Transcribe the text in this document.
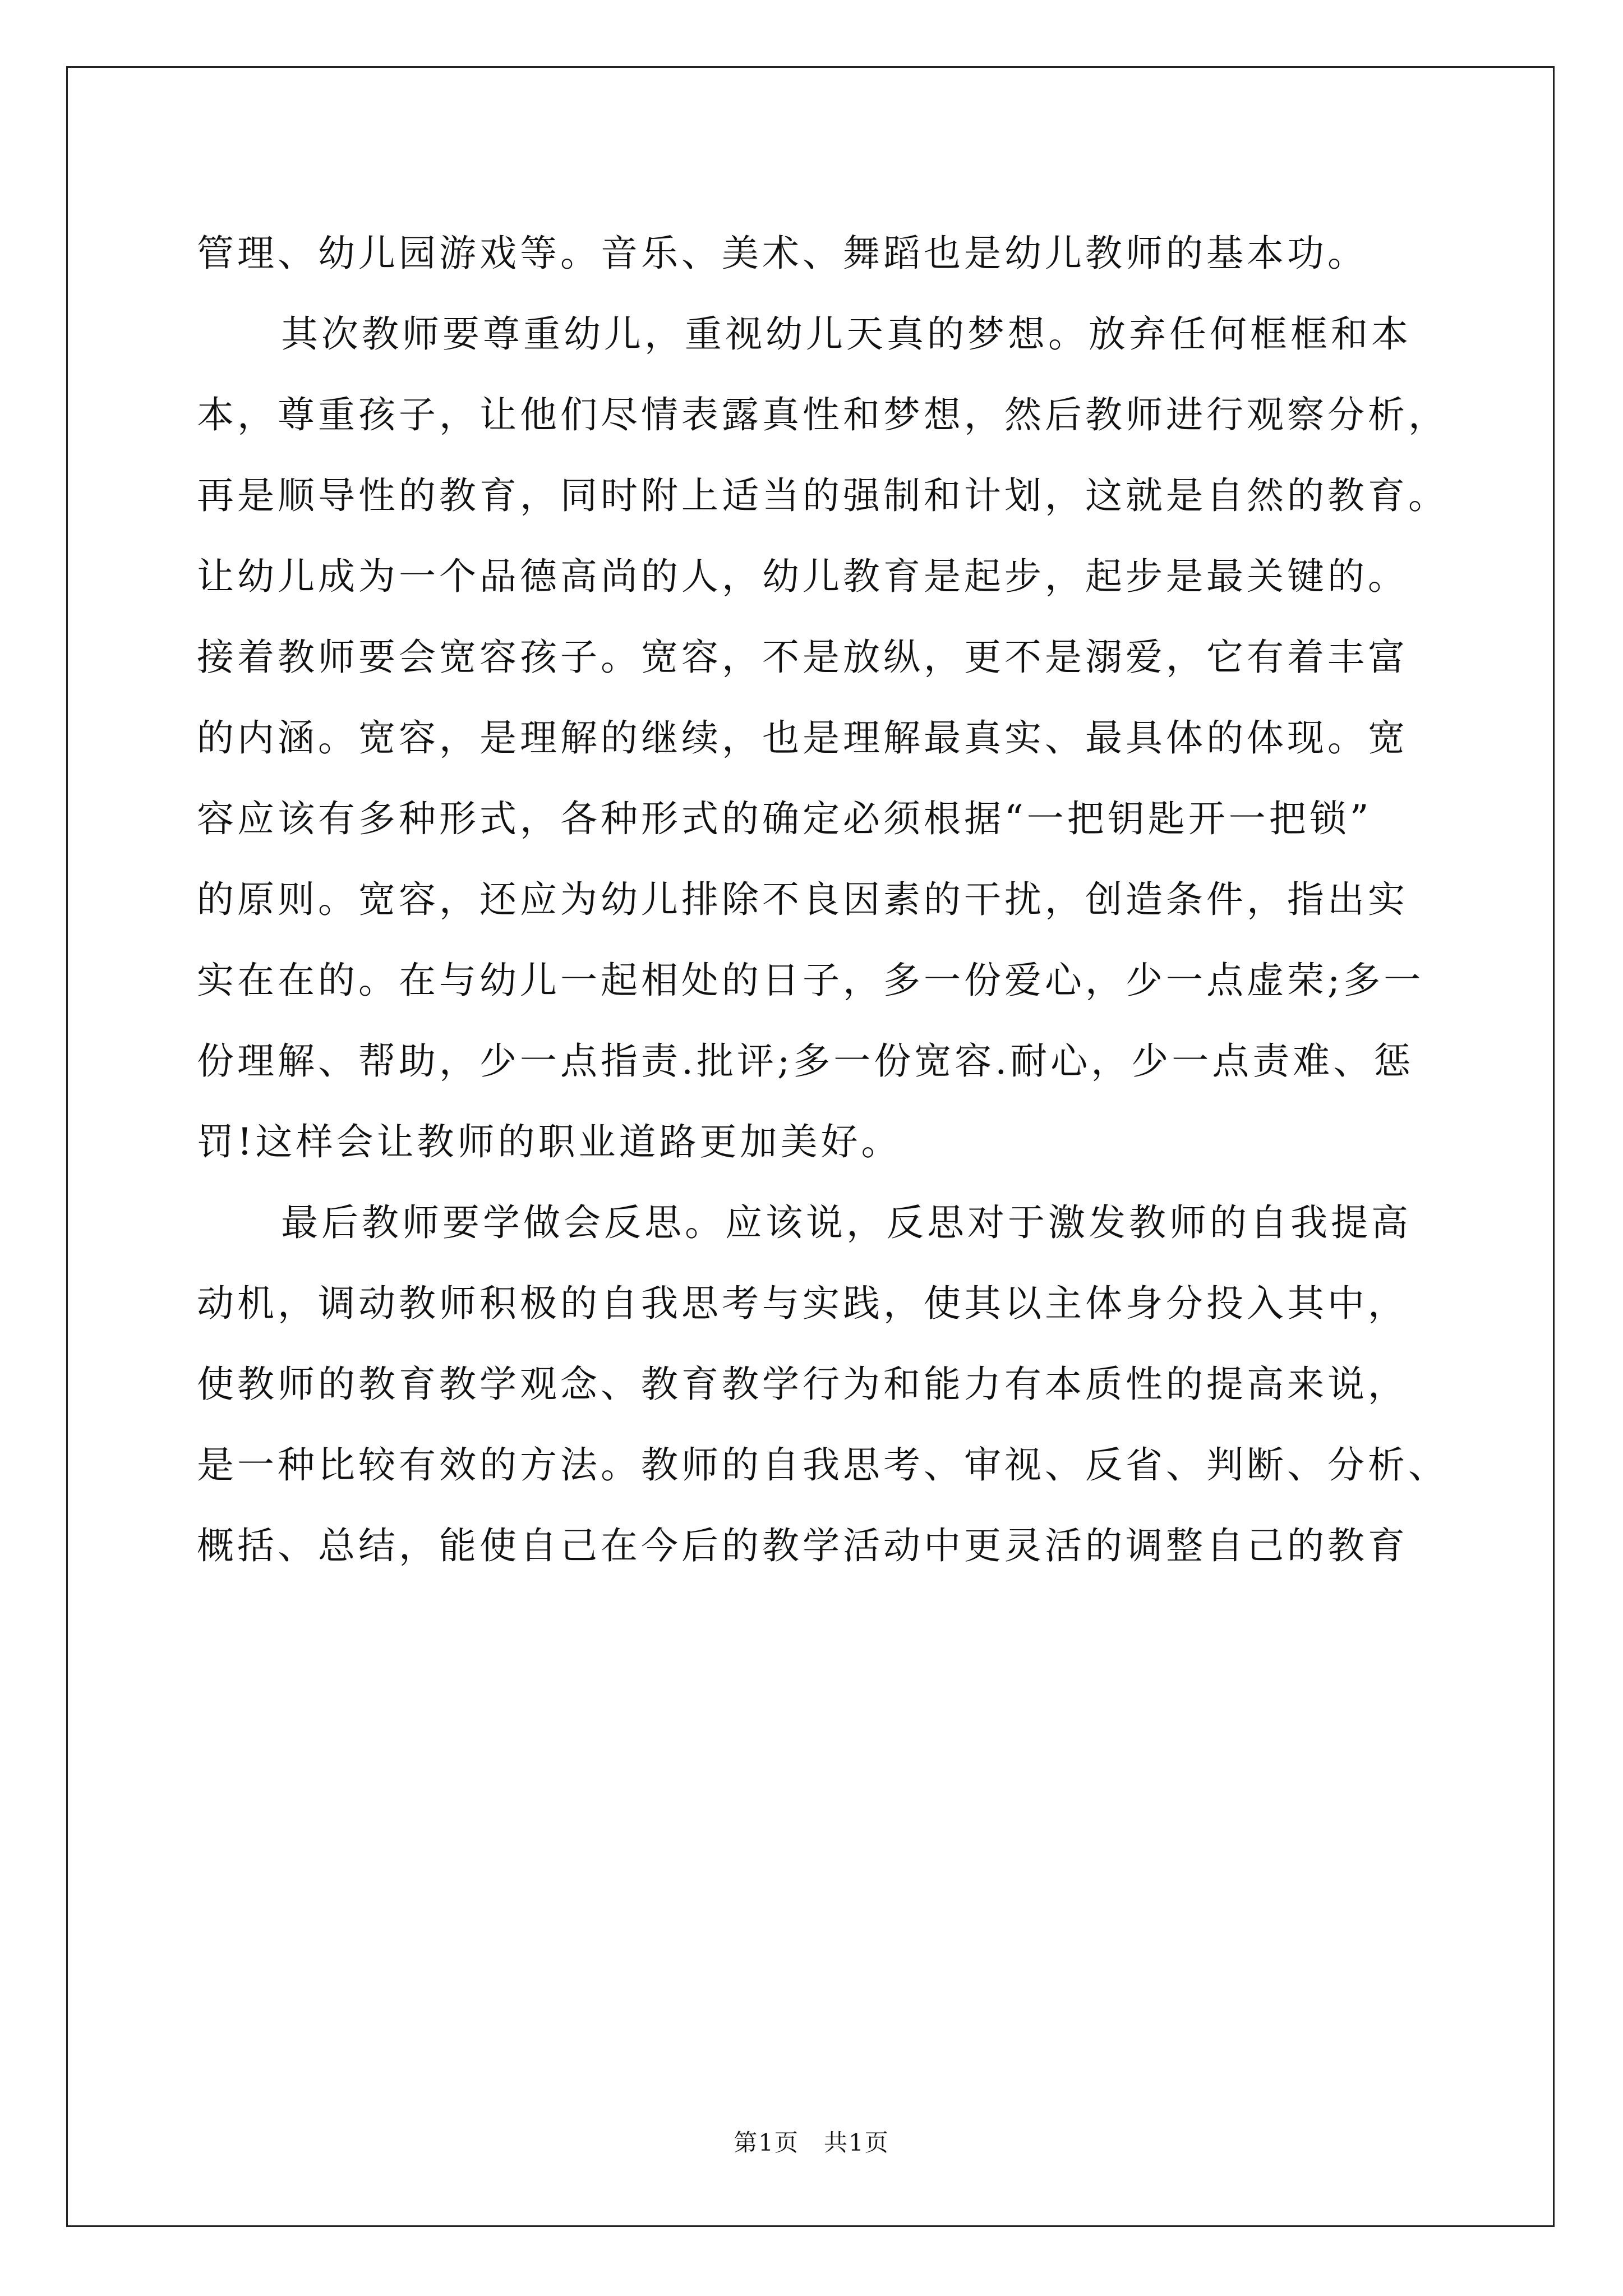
管理、幼儿园游戏等。音乐、美术、舞蹈也是幼儿教师的基本功。

其次教师要尊重幼儿，重视幼儿天真的梦想。放弃任何框框和本

本，尊重孩子，让他们尽情表露真性和梦想，然后教师进行观察分析，

再是顺导性的教育，同时附上适当的强制和计划，这就是自然的教育。

让幼儿成为一个品德高尚的人，幼儿教育是起步，起步是最关键的。

接着教师要会宽容孩子。宽容，不是放纵，更不是溺爱，它有着丰富

的内涵。宽容，是理解的继续，也是理解最真实、最具体的体现。宽

容应该有多种形式，各种形式的确定必须根据“一把钥匙开一把锁”

的原则。宽容，还应为幼儿排除不良因素的干扰，创造条件，指出实

实在在的。在与幼儿一起相处的日子，多一份爱心，少一点虚荣;多一

份理解、帮助，少一点指责.批评;多一份宽容.耐心，少一点责难、惩

罚!这样会让教师的职业道路更加美好。

最后教师要学做会反思。应该说，反思对于激发教师的自我提高

动机，调动教师积极的自我思考与实践，使其以主体身分投入其中，

使教师的教育教学观念、教育教学行为和能力有本质性的提高来说，

是一种比较有效的方法。教师的自我思考、审视、反省、判断、分析、

概括、总结，能使自己在今后的教学活动中更灵活的调整自己的教育

第1页　共1页
